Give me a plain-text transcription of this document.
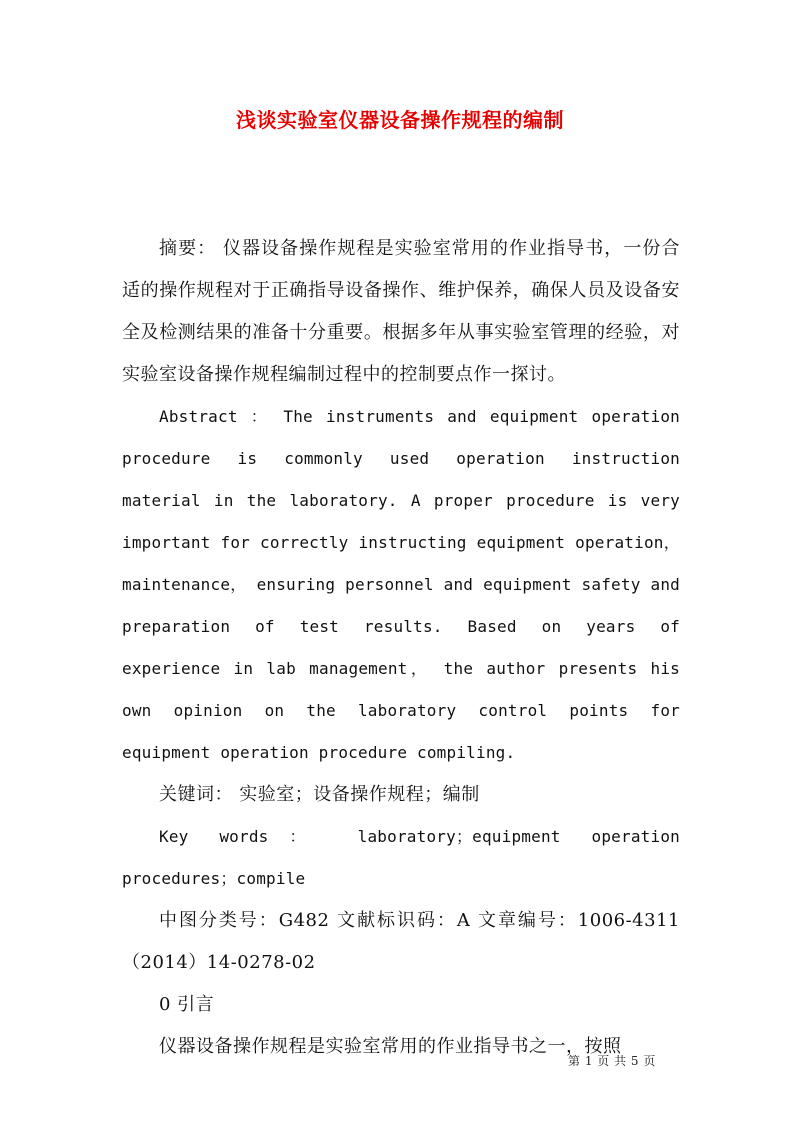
浅谈实验室仪器设备操作规程的编制

摘要： 仪器设备操作规程是实验室常用的作业指导书，一份合适的操作规程对于正确指导设备操作、维护保养，确保人员及设备安全及检测结果的准备十分重要。根据多年从事实验室管理的经验，对实验室设备操作规程编制过程中的控制要点作一探讨。

Abstract ： The instruments and equipment operation procedure is commonly used operation instruction material in the laboratory. A proper procedure is very important for correctly instructing equipment operation， maintenance， ensuring personnel and equipment safety and preparation of test results. Based on years of experience in lab management， the author presents his own opinion on the laboratory control points for equipment operation procedure compiling.

关键词： 实验室；设备操作规程；编制

Key words： laboratory；equipment operation procedures；compile

中图分类号：G482 文献标识码：A 文章编号：1006-4311（2014）14-0278-02

0 引言

仪器设备操作规程是实验室常用的作业指导书之一，按照

第 1 页 共 5 页
